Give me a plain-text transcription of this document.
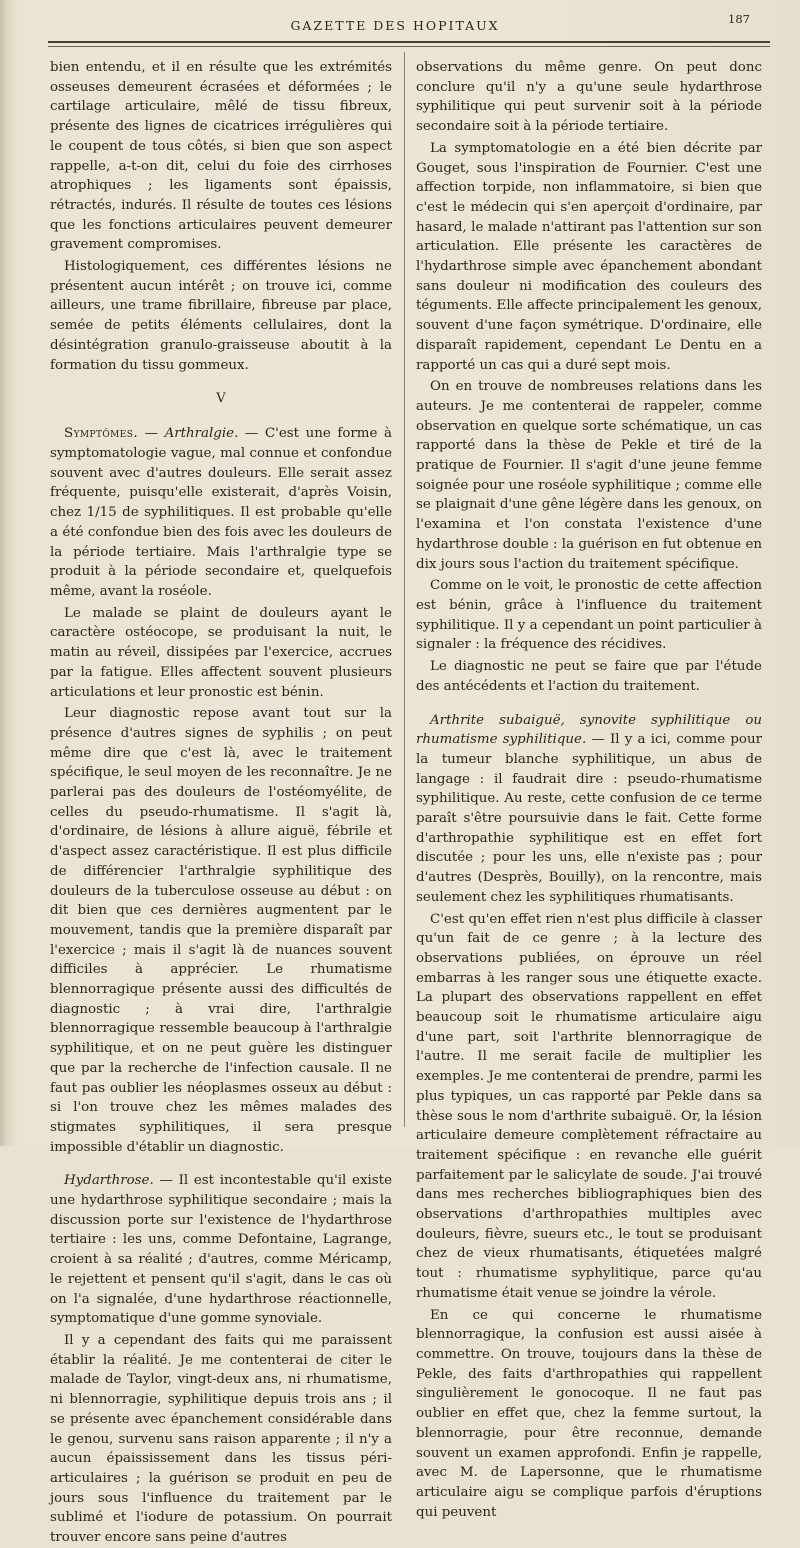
GAZETTE DES HOPITAUX	187

bien entendu, et il en résulte que les extrémités osseuses demeurent écrasées et déformées ; le cartilage articulaire, mêlé de tissu fibreux, présente des lignes de cicatrices irrégulières qui le coupent de tous côtés, si bien que son aspect rappelle, a-t-on dit, celui du foie des cirrhoses atrophiques ; les ligaments sont épaissis, rétractés, indurés. Il résulte de toutes ces lésions que les fonctions articulaires peuvent demeurer gravement compromises.

Histologiquement, ces différentes lésions ne présentent aucun intérêt ; on trouve ici, comme ailleurs, une trame fibrillaire, fibreuse par place, semée de petits éléments cellulaires, dont la désintégration granulo-graisseuse aboutit à la formation du tissu gommeux.

V

Symptômes. — Arthralgie. — C'est une forme à symptomatologie vague, mal connue et confondue souvent avec d'autres douleurs. Elle serait assez fréquente, puisqu'elle existerait, d'après Voisin, chez 1/15 de syphilitiques. Il est probable qu'elle a été confondue bien des fois avec les douleurs de la période tertiaire. Mais l'arthralgie type se produit à la période secondaire et, quelquefois même, avant la roséole.

Le malade se plaint de douleurs ayant le caractère ostéocope, se produisant la nuit, le matin au réveil, dissipées par l'exercice, accrues par la fatigue. Elles affectent souvent plusieurs articulations et leur pronostic est bénin.

Leur diagnostic repose avant tout sur la présence d'autres signes de syphilis ; on peut même dire que c'est là, avec le traitement spécifique, le seul moyen de les reconnaître. Je ne parlerai pas des douleurs de l'ostéomyélite, de celles du pseudo-rhumatisme. Il s'agit là, d'ordinaire, de lésions à allure aiguë, fébrile et d'aspect assez caractéristique. Il est plus difficile de différencier l'arthralgie syphilitique des douleurs de la tuberculose osseuse au début : on dit bien que ces dernières augmentent par le mouvement, tandis que la première disparaît par l'exercice ; mais il s'agit là de nuances souvent difficiles à apprécier. Le rhumatisme blennorragique présente aussi des difficultés de diagnostic ; à vrai dire, l'arthralgie blennorragique ressemble beaucoup à l'arthralgie syphilitique, et on ne peut guère les distinguer que par la recherche de l'infection causale. Il ne faut pas oublier les néoplasmes osseux au début : si l'on trouve chez les mêmes malades des stigmates syphilitiques, il sera presque impossible d'établir un diagnostic.

Hydarthrose. — Il est incontestable qu'il existe une hydarthrose syphilitique secondaire ; mais la discussion porte sur l'existence de l'hydarthrose tertiaire : les uns, comme Defontaine, Lagrange, croient à sa réalité ; d'autres, comme Méricamp, le rejettent et pensent qu'il s'agit, dans le cas où on l'a signalée, d'une hydarthrose réactionnelle, symptomatique d'une gomme synoviale.

Il y a cependant des faits qui me paraissent établir la réalité. Je me contenterai de citer le malade de Taylor, vingt-deux ans, ni rhumatisme, ni blennorragie, syphilitique depuis trois ans ; il se présente avec épanchement considérable dans le genou, survenu sans raison apparente ; il n'y a aucun épaississement dans les tissus péri-articulaires ; la guérison se produit en peu de jours sous l'influence du traitement par le sublimé et l'iodure de potassium. On pourrait trouver encore sans peine d'autres

observations du même genre. On peut donc conclure qu'il n'y a qu'une seule hydarthrose syphilitique qui peut survenir soit à la période secondaire soit à la période tertiaire.

La symptomatologie en a été bien décrite par Gouget, sous l'inspiration de Fournier. C'est une affection torpide, non inflammatoire, si bien que c'est le médecin qui s'en aperçoit d'ordinaire, par hasard, le malade n'attirant pas l'attention sur son articulation. Elle présente les caractères de l'hydarthrose simple avec épanchement abondant sans douleur ni modification des couleurs des téguments. Elle affecte principalement les genoux, souvent d'une façon symétrique. D'ordinaire, elle disparaît rapidement, cependant Le Dentu en a rapporté un cas qui a duré sept mois.

On en trouve de nombreuses relations dans les auteurs. Je me contenterai de rappeler, comme observation en quelque sorte schématique, un cas rapporté dans la thèse de Pekle et tiré de la pratique de Fournier. Il s'agit d'une jeune femme soignée pour une roséole syphilitique ; comme elle se plaignait d'une gêne légère dans les genoux, on l'examina et l'on constata l'existence d'une hydarthrose double : la guérison en fut obtenue en dix jours sous l'action du traitement spécifique.

Comme on le voit, le pronostic de cette affection est bénin, grâce à l'influence du traitement syphilitique. Il y a cependant un point particulier à signaler : la fréquence des récidives.

Le diagnostic ne peut se faire que par l'étude des antécédents et l'action du traitement.

Arthrite subaiguë, synovite syphilitique ou rhumatisme syphilitique. — Il y a ici, comme pour la tumeur blanche syphilitique, un abus de langage : il faudrait dire : pseudo-rhumatisme syphilitique. Au reste, cette confusion de ce terme paraît s'être poursuivie dans le fait. Cette forme d'arthropathie syphilitique est en effet fort discutée ; pour les uns, elle n'existe pas ; pour d'autres (Desprès, Bouilly), on la rencontre, mais seulement chez les syphilitiques rhumatisants.

C'est qu'en effet rien n'est plus difficile à classer qu'un fait de ce genre ; à la lecture des observations publiées, on éprouve un réel embarras à les ranger sous une étiquette exacte. La plupart des observations rappellent en effet beaucoup soit le rhumatisme articulaire aigu d'une part, soit l'arthrite blennorragique de l'autre. Il me serait facile de multiplier les exemples. Je me contenterai de prendre, parmi les plus typiques, un cas rapporté par Pekle dans sa thèse sous le nom d'arthrite subaiguë. Or, la lésion articulaire demeure complètement réfractaire au traitement spécifique : en revanche elle guérit parfaitement par le salicylate de soude. J'ai trouvé dans mes recherches bibliographiques bien des observations d'arthropathies multiples avec douleurs, fièvre, sueurs etc., le tout se produisant chez de vieux rhumatisants, étiquetées malgré tout : rhumatisme syphylitique, parce qu'au rhumatisme était venue se joindre la vérole.

En ce qui concerne le rhumatisme blennorragique, la confusion est aussi aisée à commettre. On trouve, toujours dans la thèse de Pekle, des faits d'arthropathies qui rappellent singulièrement le gonocoque. Il ne faut pas oublier en effet que, chez la femme surtout, la blennorragie, pour être reconnue, demande souvent un examen approfondi. Enfin je rappelle, avec M. de Lapersonne, que le rhumatisme articulaire aigu se complique parfois d'éruptions qui peuvent
